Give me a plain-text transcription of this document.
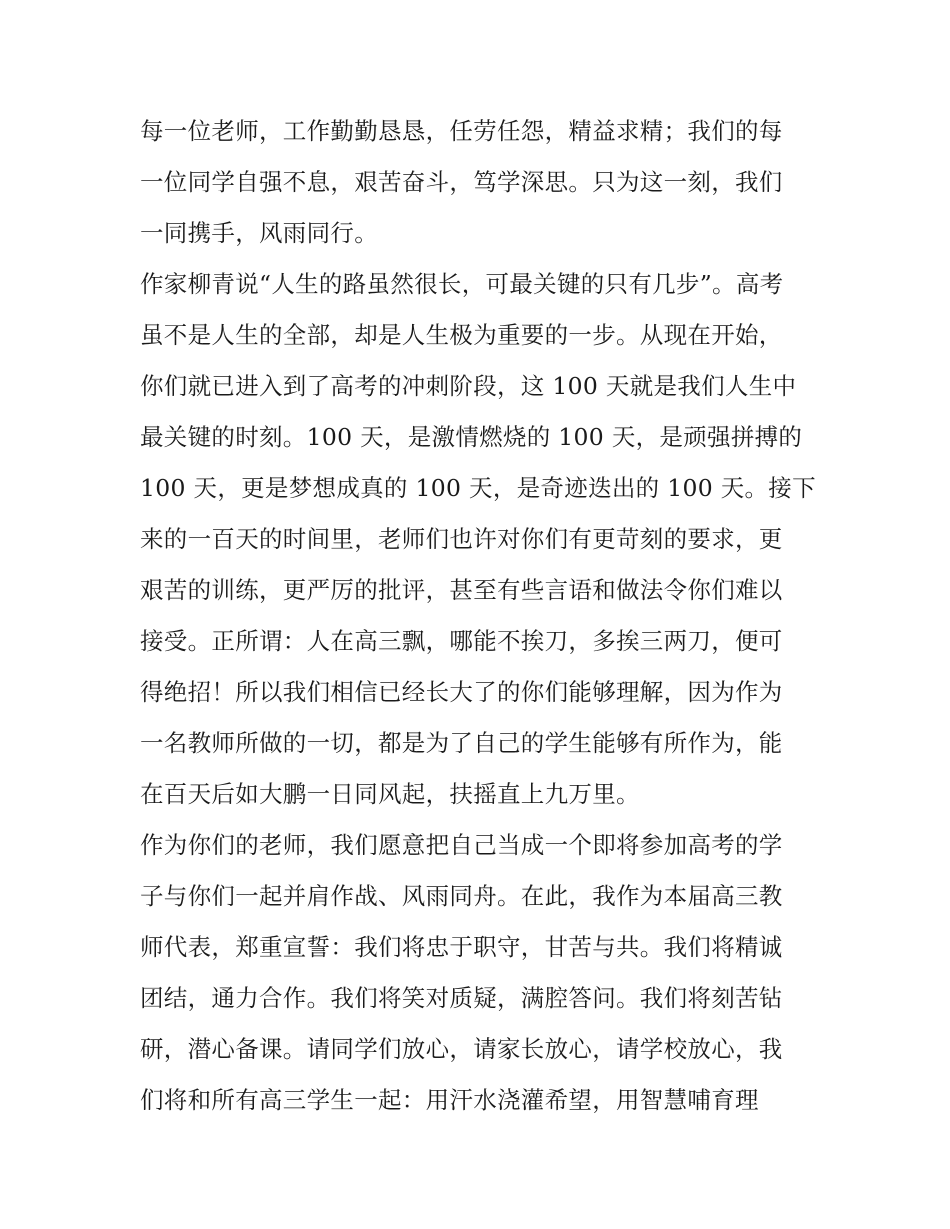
每一位老师，工作勤勤恳恳，任劳任怨，精益求精；我们的每
一位同学自强不息，艰苦奋斗，笃学深思。只为这一刻，我们
一同携手，风雨同行。
作家柳青说“人生的路虽然很长，可最关键的只有几步”。高考
虽不是人生的全部，却是人生极为重要的一步。从现在开始，
你们就已进入到了高考的冲刺阶段，这 100 天就是我们人生中
最关键的时刻。100 天，是激情燃烧的 100 天，是顽强拼搏的
100 天，更是梦想成真的 100 天，是奇迹迭出的 100 天。接下
来的一百天的时间里，老师们也许对你们有更苛刻的要求，更
艰苦的训练，更严厉的批评，甚至有些言语和做法令你们难以
接受。正所谓：人在高三飘，哪能不挨刀，多挨三两刀，便可
得绝招！所以我们相信已经长大了的你们能够理解，因为作为
一名教师所做的一切，都是为了自己的学生能够有所作为，能
在百天后如大鹏一日同风起，扶摇直上九万里。
作为你们的老师，我们愿意把自己当成一个即将参加高考的学
子与你们一起并肩作战、风雨同舟。在此，我作为本届高三教
师代表，郑重宣誓：我们将忠于职守，甘苦与共。我们将精诚
团结，通力合作。我们将笑对质疑，满腔答问。我们将刻苦钻
研，潜心备课。请同学们放心，请家长放心，请学校放心，我
们将和所有高三学生一起：用汗水浇灌希望，用智慧哺育理
